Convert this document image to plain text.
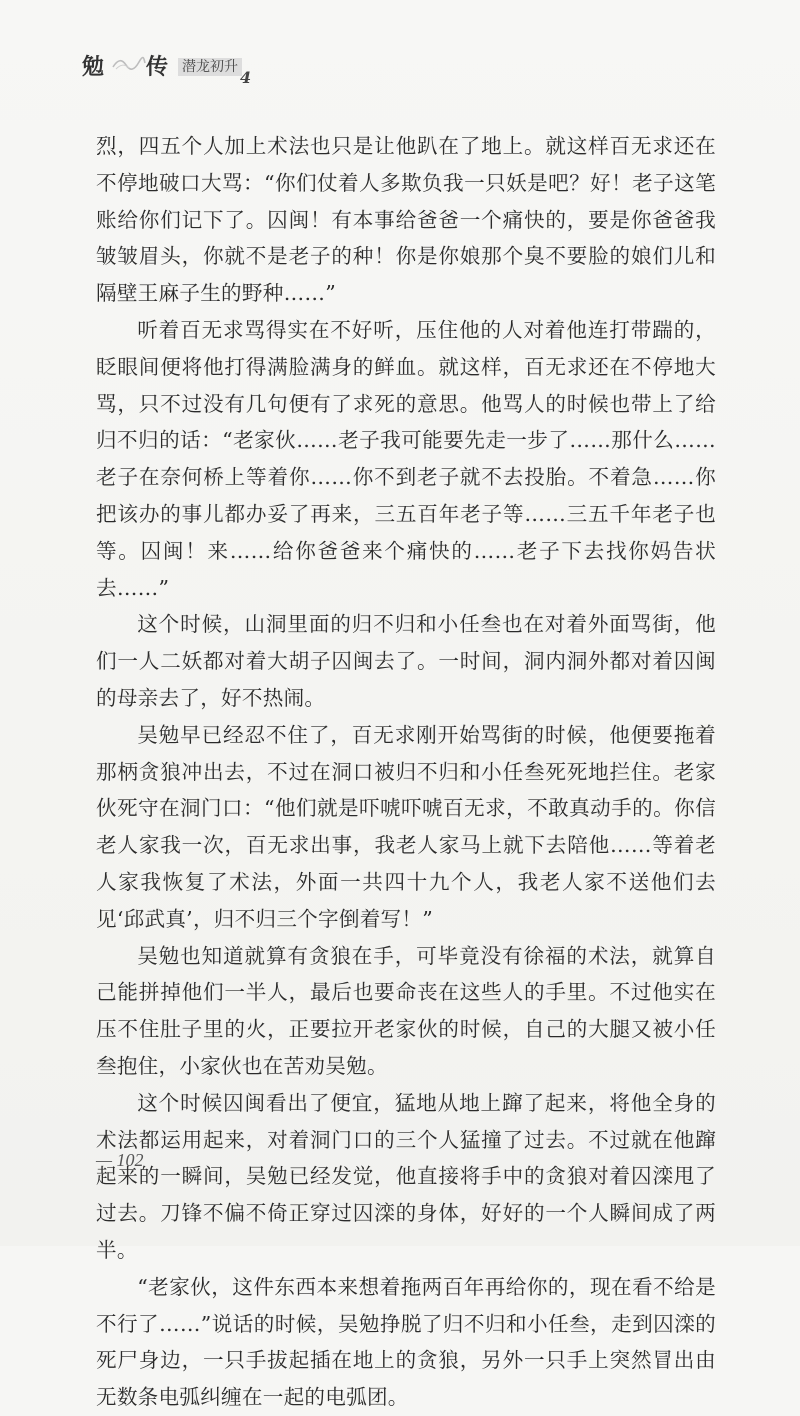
勉 传 潜龙初升
4

烈，四五个人加上术法也只是让他趴在了地上。就这样百无求还在不停地破口大骂：“你们仗着人多欺负我一只妖是吧？好！老子这笔账给你们记下了。囚闽！有本事给爸爸一个痛快的，要是你爸爸我皱皱眉头，你就不是老子的种！你是你娘那个臭不要脸的娘们儿和隔壁王麻子生的野种……”

听着百无求骂得实在不好听，压住他的人对着他连打带踹的，眨眼间便将他打得满脸满身的鲜血。就这样，百无求还在不停地大骂，只不过没有几句便有了求死的意思。他骂人的时候也带上了给归不归的话：“老家伙……老子我可能要先走一步了……那什么……老子在奈何桥上等着你……你不到老子就不去投胎。不着急……你把该办的事儿都办妥了再来，三五百年老子等……三五千年老子也等。囚闽！来……给你爸爸来个痛快的……老子下去找你妈告状去……”

这个时候，山洞里面的归不归和小任叁也在对着外面骂街，他们一人二妖都对着大胡子囚闽去了。一时间，洞内洞外都对着囚闽的母亲去了，好不热闹。

吴勉早已经忍不住了，百无求刚开始骂街的时候，他便要拖着那柄贪狼冲出去，不过在洞口被归不归和小任叁死死地拦住。老家伙死守在洞门口：“他们就是吓唬吓唬百无求，不敢真动手的。你信老人家我一次，百无求出事，我老人家马上就下去陪他……等着老人家我恢复了术法，外面一共四十九个人，我老人家不送他们去见‘邱武真’，归不归三个字倒着写！”

吴勉也知道就算有贪狼在手，可毕竟没有徐福的术法，就算自己能拼掉他们一半人，最后也要命丧在这些人的手里。不过他实在压不住肚子里的火，正要拉开老家伙的时候，自己的大腿又被小任叁抱住，小家伙也在苦劝吴勉。

这个时候囚闽看出了便宜，猛地从地上蹿了起来，将他全身的术法都运用起来，对着洞门口的三个人猛撞了过去。不过就在他蹿起来的一瞬间，吴勉已经发觉，他直接将手中的贪狼对着囚滦甩了过去。刀锋不偏不倚正穿过囚滦的身体，好好的一个人瞬间成了两半。

“老家伙，这件东西本来想着拖两百年再给你的，现在看不给是不行了……”说话的时候，吴勉挣脱了归不归和小任叁，走到囚滦的死尸身边，一只手拔起插在地上的贪狼，另外一只手上突然冒出由无数条电弧纠缠在一起的电弧团。

— 102
